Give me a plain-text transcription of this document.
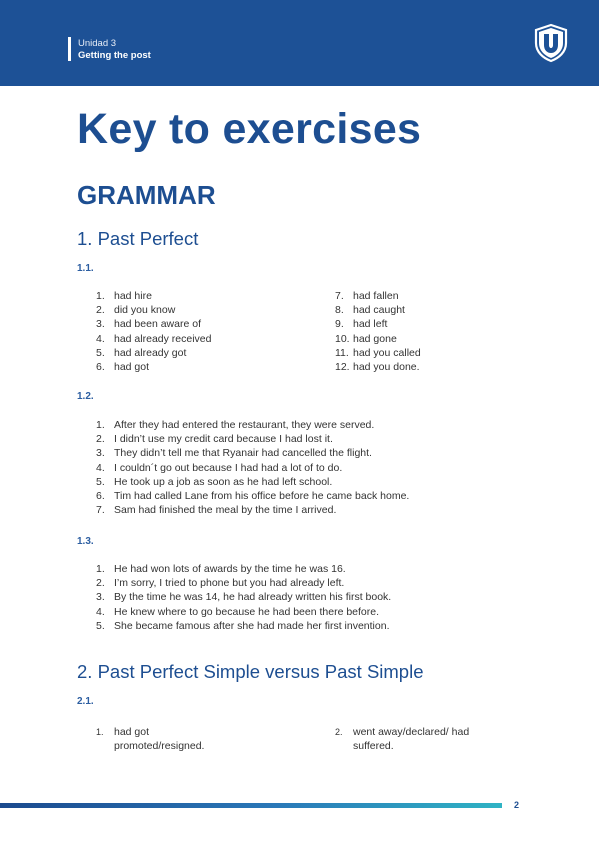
Unidad 3
Getting the post
Key to exercises
GRAMMAR
1. Past Perfect
1.1.
1. had hire
2. did you know
3. had been aware of
4. had already received
5. had already got
6. had got
7. had fallen
8. had caught
9. had left
10. had gone
11. had you called
12. had you done.
1.2.
1. After they had entered the restaurant, they were served.
2. I didn’t use my credit card because I had lost it.
3. They didn’t tell me that Ryanair had cancelled the flight.
4. I couldn´t go out because I had had a lot of to do.
5. He took up a job as soon as he had left school.
6. Tim had called Lane from his office before he came back home.
7. Sam had finished the meal by the time I arrived.
1.3.
1. He had won lots of awards by the time he was 16.
2. I’m sorry, I tried to phone but you had already left.
3. By the time he was 14, he had already written his first book.
4. He knew where to go because he had been there before.
5. She became famous after she had made her first invention.
2. Past Perfect Simple versus Past Simple
2.1.
1. had got promoted/resigned.
2. went away/declared/ had
suffered.
2
